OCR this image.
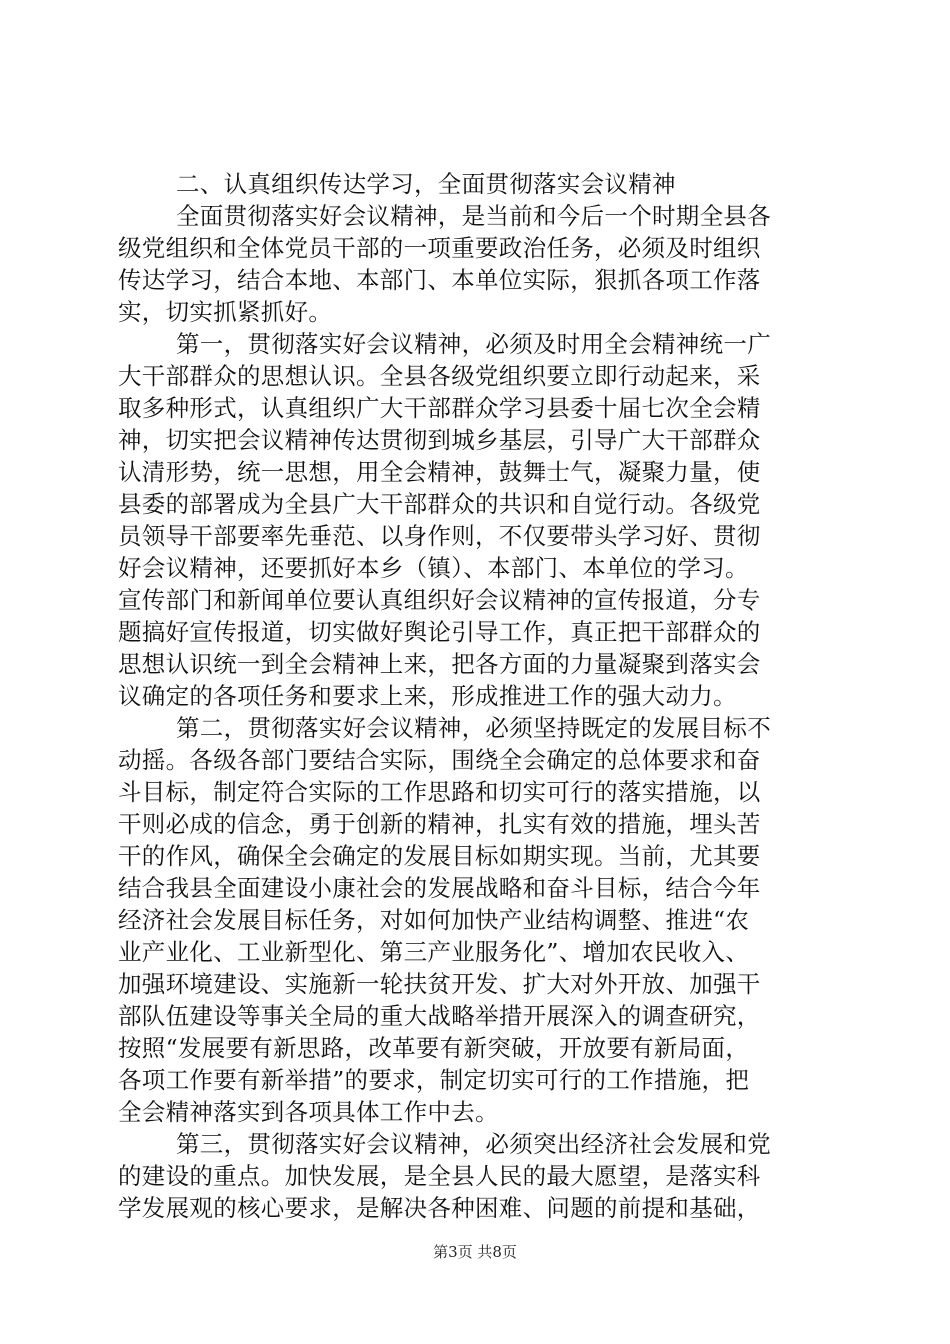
二、认真组织传达学习，全面贯彻落实会议精神
全面贯彻落实好会议精神，是当前和今后一个时期全县各
级党组织和全体党员干部的一项重要政治任务，必须及时组织
传达学习，结合本地、本部门、本单位实际，狠抓各项工作落
实，切实抓紧抓好。
第一，贯彻落实好会议精神，必须及时用全会精神统一广
大干部群众的思想认识。全县各级党组织要立即行动起来，采
取多种形式，认真组织广大干部群众学习县委十届七次全会精
神，切实把会议精神传达贯彻到城乡基层，引导广大干部群众
认清形势，统一思想，用全会精神，鼓舞士气，凝聚力量，使
县委的部署成为全县广大干部群众的共识和自觉行动。各级党
员领导干部要率先垂范、以身作则，不仅要带头学习好、贯彻
好会议精神，还要抓好本乡（镇）、本部门、本单位的学习。
宣传部门和新闻单位要认真组织好会议精神的宣传报道，分专
题搞好宣传报道，切实做好舆论引导工作，真正把干部群众的
思想认识统一到全会精神上来，把各方面的力量凝聚到落实会
议确定的各项任务和要求上来，形成推进工作的强大动力。
第二，贯彻落实好会议精神，必须坚持既定的发展目标不
动摇。各级各部门要结合实际，围绕全会确定的总体要求和奋
斗目标，制定符合实际的工作思路和切实可行的落实措施，以
干则必成的信念，勇于创新的精神，扎实有效的措施，埋头苦
干的作风，确保全会确定的发展目标如期实现。当前，尤其要
结合我县全面建设小康社会的发展战略和奋斗目标，结合今年
经济社会发展目标任务，对如何加快产业结构调整、推进“农
业产业化、工业新型化、第三产业服务化”、增加农民收入、
加强环境建设、实施新一轮扶贫开发、扩大对外开放、加强干
部队伍建设等事关全局的重大战略举措开展深入的调查研究，
按照“发展要有新思路，改革要有新突破，开放要有新局面，
各项工作要有新举措”的要求，制定切实可行的工作措施，把
全会精神落实到各项具体工作中去。
第三，贯彻落实好会议精神，必须突出经济社会发展和党
的建设的重点。加快发展，是全县人民的最大愿望，是落实科
学发展观的核心要求，是解决各种困难、问题的前提和基础，
第3页 共8页
